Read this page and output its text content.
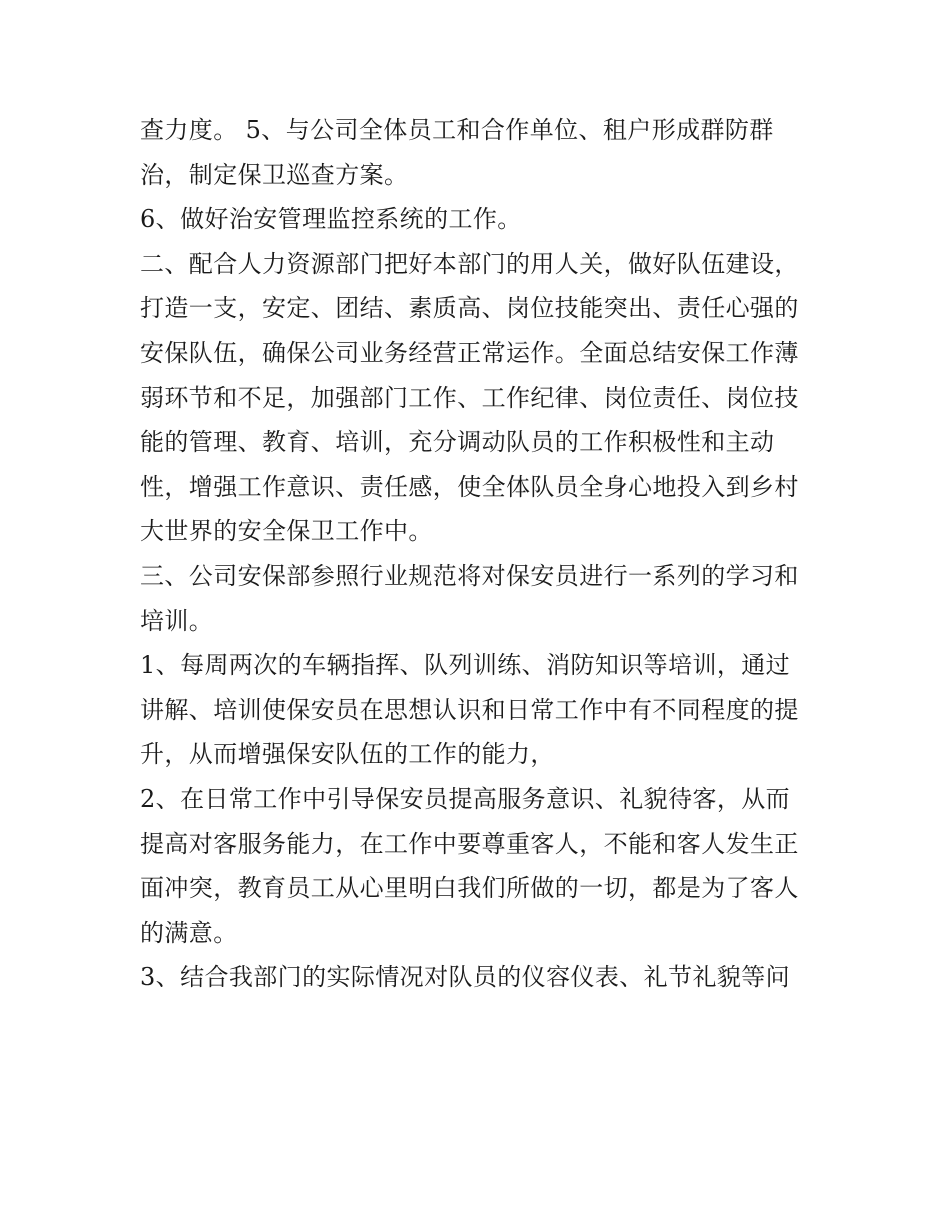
查力度。 5、与公司全体员工和合作单位、租户形成群防群
治，制定保卫巡查方案。
6、做好治安管理监控系统的工作。
二、配合人力资源部门把好本部门的用人关，做好队伍建设，
打造一支，安定、团结、素质高、岗位技能突出、责任心强的
安保队伍，确保公司业务经营正常运作。全面总结安保工作薄
弱环节和不足，加强部门工作、工作纪律、岗位责任、岗位技
能的管理、教育、培训，充分调动队员的工作积极性和主动
性，增强工作意识、责任感，使全体队员全身心地投入到乡村
大世界的安全保卫工作中。
三、公司安保部参照行业规范将对保安员进行一系列的学习和
培训。
1、每周两次的车辆指挥、队列训练、消防知识等培训，通过
讲解、培训使保安员在思想认识和日常工作中有不同程度的提
升，从而增强保安队伍的工作的能力，
2、在日常工作中引导保安员提高服务意识、礼貌待客，从而
提高对客服务能力，在工作中要尊重客人，不能和客人发生正
面冲突，教育员工从心里明白我们所做的一切，都是为了客人
的满意。
3、结合我部门的实际情况对队员的仪容仪表、礼节礼貌等问
